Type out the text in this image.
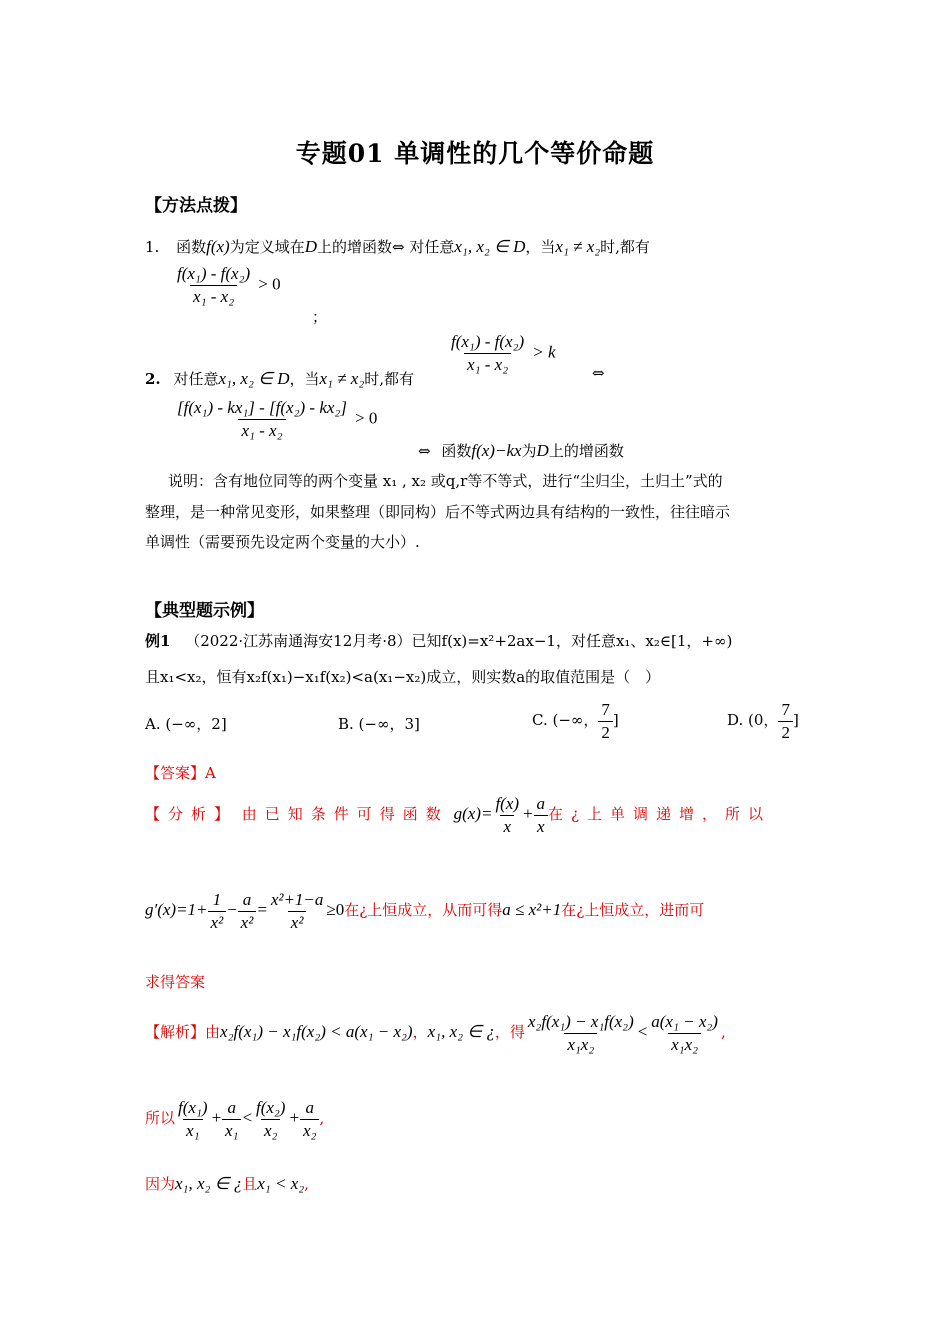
专题01 单调性的几个等价命题
【方法点拨】
1. 函数f(x)为定义域在D上的增函数⇔ 对任意x₁, x₂ ∈ D，当x₁ ≠ x₂时,都有
$\frac{\text{f(x₁) - f(x₂)}}{\text{x₁ - x₂}} > 0$
；
$\frac{\text{f(x₁) - f(x₂)}}{\text{x₁ - x₂}} > k$
2. 对任意x₁, x₂ ∈ D，当x₁ ≠ x₂时,都有	⇔
$\frac{\text{[f(x₁) - kx₁] - [f(x₂) - kx₂]}}{\text{x₁ - x₂}} > 0$
⇔ 函数f(x)−kx为D上的增函数
说明：含有地位同等的两个变量 x₁ , x₂ 或q,r等不等式，进行“尘归尘，土归土”式的
整理，是一种常见变形，如果整理（即同构）后不等式两边具有结构的一致性，往往暗示
单调性（需要预先设定两个变量的大小）.
【典型题示例】
例1 （2022·江苏南通海安12月考·8）已知f(x)=x²+2ax−1，对任意x₁、x₂∈[1，+∞)
且x₁<x₂，恒有x₂f(x₁)−x₁f(x₂)<a(x₁−x₂)成立，则实数a的取值范围是（　）
A. (−∞，2]	B. (−∞，3]	C. (−∞， $\frac{7}{2}$ ]	D. (0， $\frac{7}{2}$ ]
【答案】A
【分析】 由已知条件可得函数 $g(x)= \frac{f(x)}{x} + \frac{a}{x}$ 在¿上单调递增，所以
$g'(x)=1+ \frac{1}{\text{x²}} - \frac{a}{\text{x²}} = \frac{\text{x²+1−a}}{\text{x²}} \ge 0$在¿上恒成立，从而可得a ≤ x²+1在¿上恒成立，进而可
求得答案
【解析】由x₂f(x₁) − x₁f(x₂) < a(x₁ − x₂)，x₁, x₂ ∈ ¿，得 $\frac{\text{x₂f(x₁) − x₁f(x₂)}}{\text{x₁x₂}} < \frac{\text{a(x₁ − x₂)}}{\text{x₁x₂}}$ ,
所以 $\frac{\text{f(x₁)}}{\text{x₁}} + \frac{a}{\text{x₁}} < \frac{\text{f(x₂)}}{\text{x₂}} + \frac{a}{\text{x₂}}$ ,
因为x₁, x₂ ∈ ¿且x₁ < x₂,
